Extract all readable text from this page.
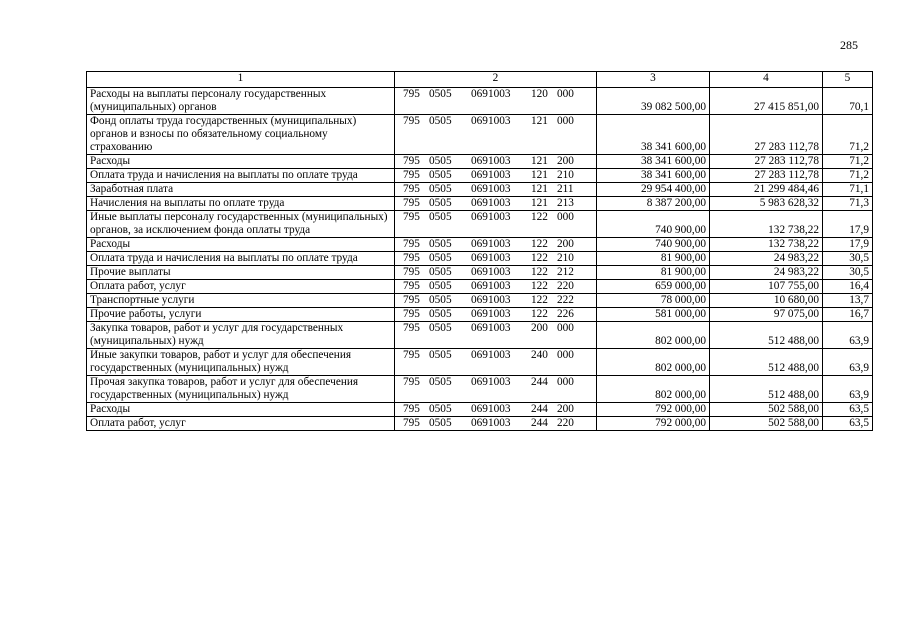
285
1	2	3	4	5
Расходы на выплаты персоналу государственных (муниципальных) органов	795 0505 0691003 120 000	39 082 500,00	27 415 851,00	70,1
Фонд оплаты труда государственных (муниципальных) органов и взносы по обязательному социальному страхованию	795 0505 0691003 121 000	38 341 600,00	27 283 112,78	71,2
Расходы	795 0505 0691003 121 200	38 341 600,00	27 283 112,78	71,2
Оплата труда и начисления на выплаты по оплате труда	795 0505 0691003 121 210	38 341 600,00	27 283 112,78	71,2
Заработная плата	795 0505 0691003 121 211	29 954 400,00	21 299 484,46	71,1
Начисления на выплаты по оплате труда	795 0505 0691003 121 213	8 387 200,00	5 983 628,32	71,3
Иные выплаты персоналу государственных (муниципальных) органов, за исключением фонда оплаты труда	795 0505 0691003 122 000	740 900,00	132 738,22	17,9
Расходы	795 0505 0691003 122 200	740 900,00	132 738,22	17,9
Оплата труда и начисления на выплаты по оплате труда	795 0505 0691003 122 210	81 900,00	24 983,22	30,5
Прочие выплаты	795 0505 0691003 122 212	81 900,00	24 983,22	30,5
Оплата работ, услуг	795 0505 0691003 122 220	659 000,00	107 755,00	16,4
Транспортные услуги	795 0505 0691003 122 222	78 000,00	10 680,00	13,7
Прочие работы, услуги	795 0505 0691003 122 226	581 000,00	97 075,00	16,7
Закупка товаров, работ и услуг для государственных (муниципальных) нужд	795 0505 0691003 200 000	802 000,00	512 488,00	63,9
Иные закупки товаров, работ и услуг для обеспечения государственных (муниципальных) нужд	795 0505 0691003 240 000	802 000,00	512 488,00	63,9
Прочая закупка товаров, работ и услуг для обеспечения государственных (муниципальных) нужд	795 0505 0691003 244 000	802 000,00	512 488,00	63,9
Расходы	795 0505 0691003 244 200	792 000,00	502 588,00	63,5
Оплата работ, услуг	795 0505 0691003 244 220	792 000,00	502 588,00	63,5
